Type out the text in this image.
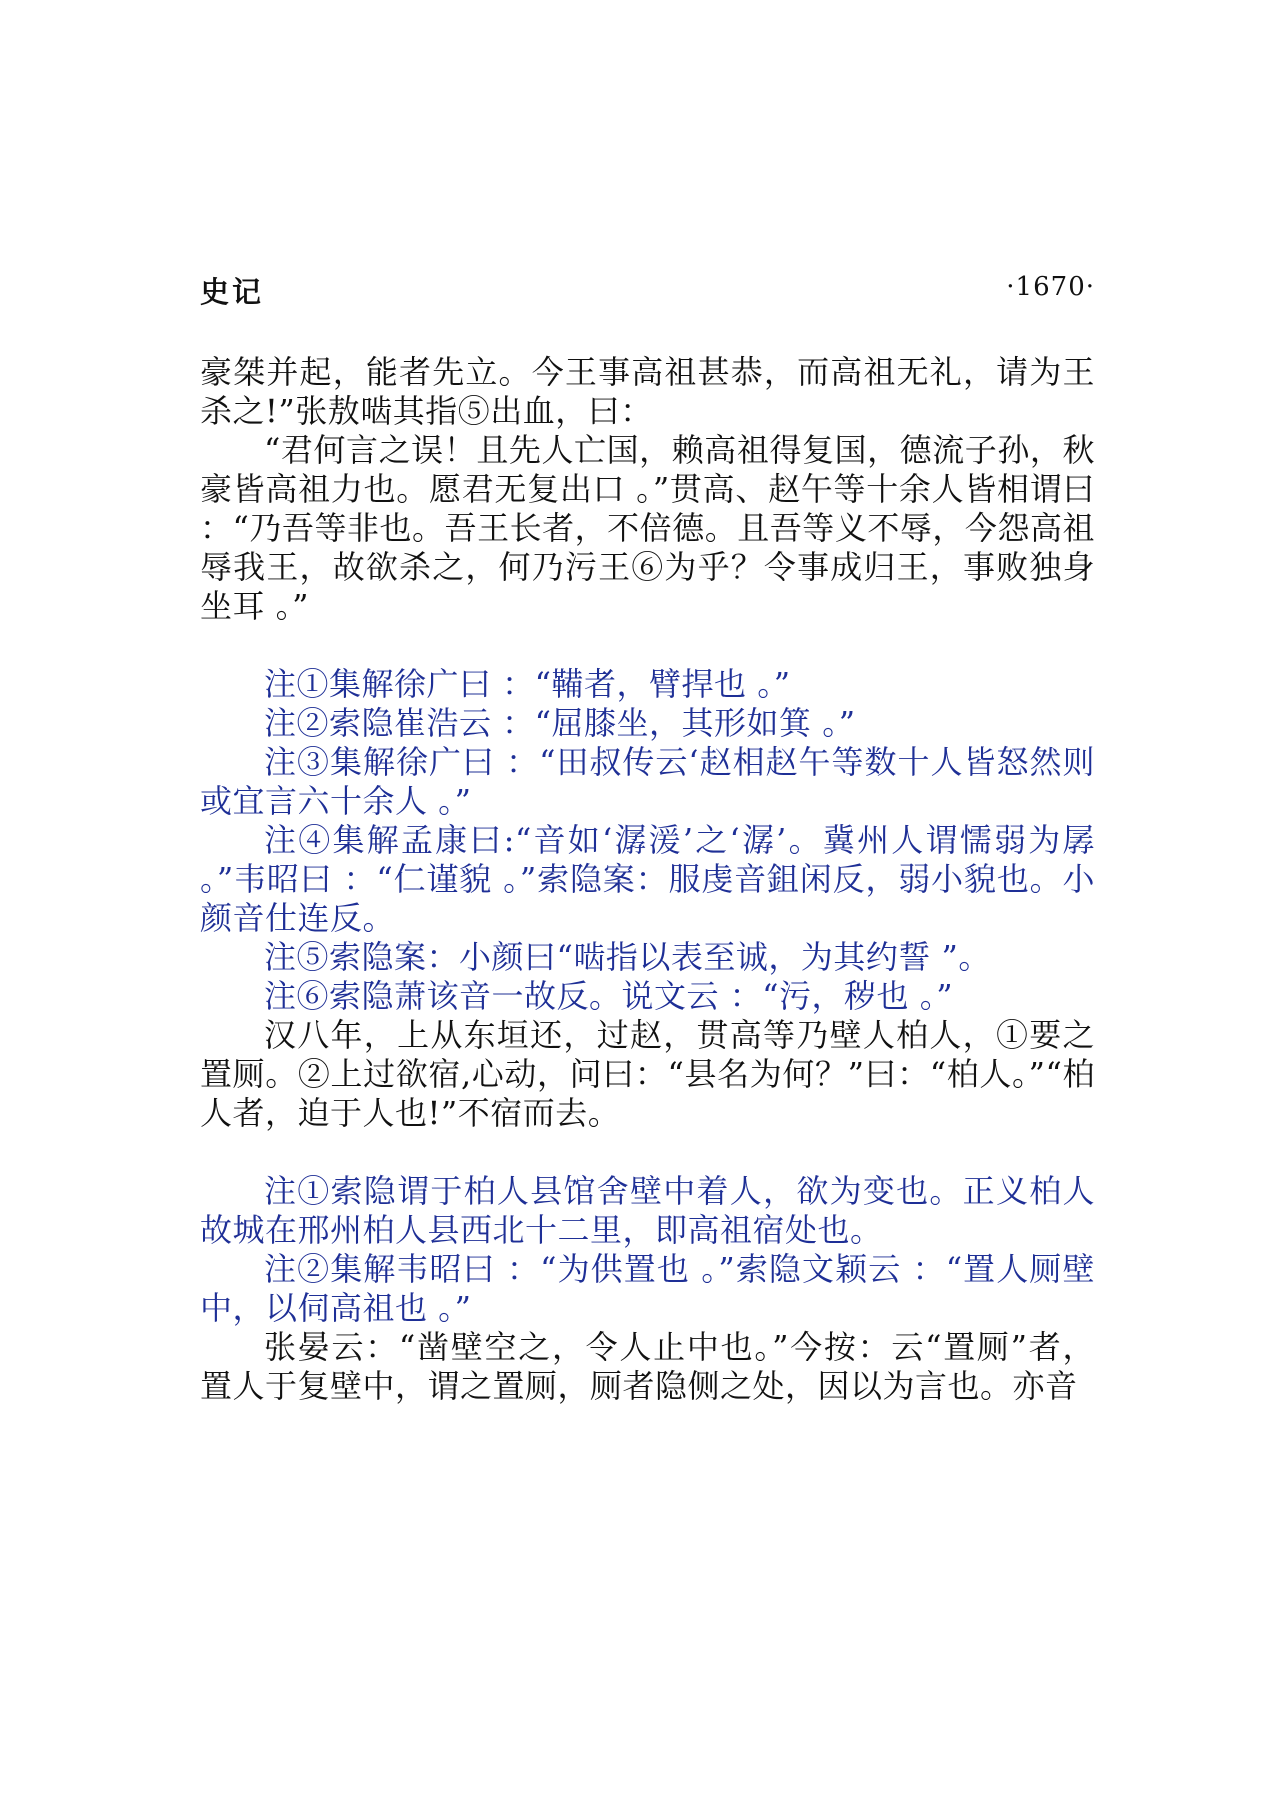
史记	·1670·

豪桀并起，能者先立。今王事高祖甚恭，而高祖无礼，请为王杀之!”张敖啮其指⑤出血，曰：

“君何言之误！且先人亡国，赖高祖得复国，德流子孙，秋豪皆高祖力也。愿君无复出口 。”贯高、赵午等十余人皆相谓曰 ：“乃吾等非也。吾王长者，不倍德。且吾等义不辱，今怨高祖辱我王，故欲杀之，何乃污王⑥为乎？令事成归王，事败独身坐耳 。”

注①集解徐广曰 ：“鞴者，臂捍也 。”

注②索隐崔浩云 ：“屈膝坐，其形如箕 。”

注③集解徐广曰 ：“田叔传云‘赵相赵午等数十人皆怒然则或宜言六十余人 。”

注④集解孟康曰:“音如‘潺湲’之‘潺’。冀州人谓懦弱为孱 。”韦昭曰 ：“仁谨貌 。”索隐案：服虔音鉏闲反，弱小貌也。小颜音仕连反。

注⑤索隐案：小颜曰“啮指以表至诚，为其约誓 ”。

注⑥索隐萧该音一故反。说文云 ：“污，秽也 。”

汉八年，上从东垣还，过赵，贯高等乃壁人柏人，①要之置厕。②上过欲宿,心动，问曰：“县名为何？”曰：“柏人。”“柏人者，迫于人也!”不宿而去。

注①索隐谓于柏人县馆舍壁中着人，欲为变也。正义柏人故城在邢州柏人县西北十二里，即高祖宿处也。

注②集解韦昭曰 ：“为供置也 。”索隐文颖云 ：“置人厕壁中，以伺高祖也 。”

张晏云：“凿壁空之，令人止中也。”今按：云“置厕”者，置人于复壁中，谓之置厕，厕者隐侧之处，因以为言也。亦音
